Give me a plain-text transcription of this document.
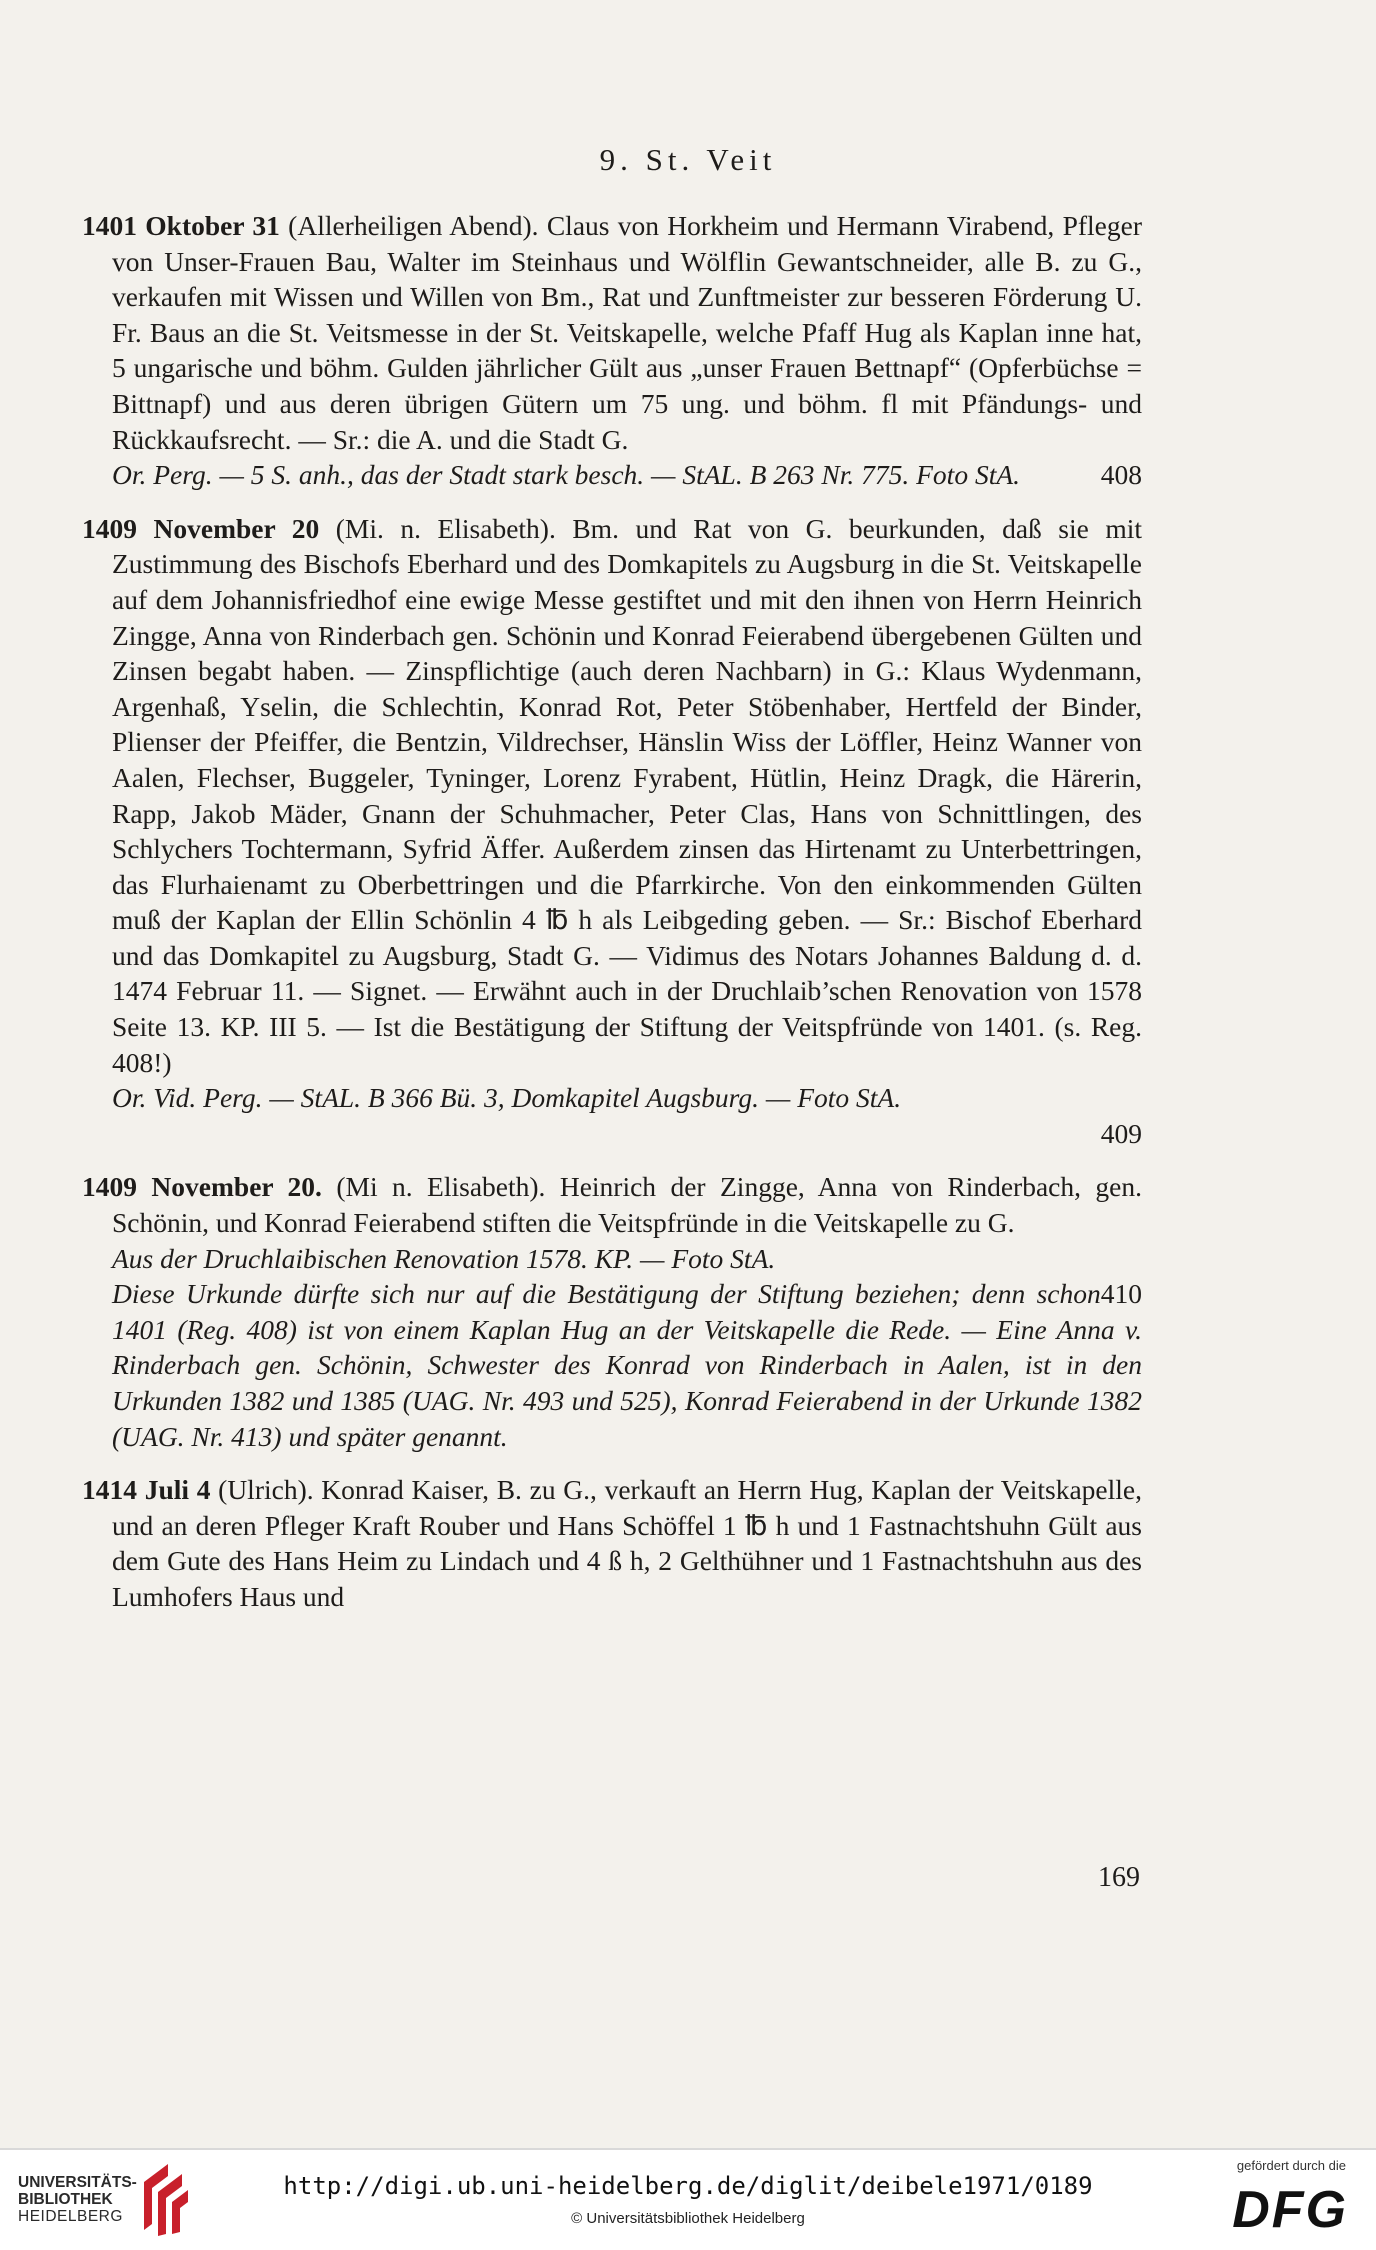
9. St. Veit

1401 Oktober 31 (Allerheiligen Abend). Claus von Horkheim und Hermann Virabend, Pfleger von Unser-Frauen Bau, Walter im Steinhaus und Wölflin Gewantschneider, alle B. zu G., verkaufen mit Wissen und Willen von Bm., Rat und Zunftmeister zur besseren Förderung U. Fr. Baus an die St. Veitsmesse in der St. Veitskapelle, welche Pfaff Hug als Kaplan inne hat, 5 ungarische und böhm. Gulden jährlicher Gült aus „unser Frauen Bettnapf“ (Opferbüchse = Bittnapf) und aus deren übrigen Gütern um 75 ung. und böhm. fl mit Pfändungs- und Rückkaufsrecht. — Sr.: die A. und die Stadt G.

408
Or. Perg. — 5 S. anh., das der Stadt stark besch. — StAL. B 263 Nr. 775. Foto StA.

1409 November 20 (Mi. n. Elisabeth). Bm. und Rat von G. beurkunden, daß sie mit Zustimmung des Bischofs Eberhard und des Domkapitels zu Augsburg in die St. Veitskapelle auf dem Johannisfriedhof eine ewige Messe gestiftet und mit den ihnen von Herrn Heinrich Zingge, Anna von Rinderbach gen. Schönin und Konrad Feierabend übergebenen Gülten und Zinsen begabt haben. — Zinspflichtige (auch deren Nachbarn) in G.: Klaus Wydenmann, Argenhaß, Yselin, die Schlechtin, Konrad Rot, Peter Stöbenhaber, Hertfeld der Binder, Plienser der Pfeiffer, die Bentzin, Vildrechser, Hänslin Wiss der Löffler, Heinz Wanner von Aalen, Flechser, Buggeler, Tyninger, Lorenz Fyrabent, Hütlin, Heinz Dragk, die Härerin, Rapp, Jakob Mäder, Gnann der Schuhmacher, Peter Clas, Hans von Schnittlingen, des Schlychers Tochtermann, Syfrid Äffer. Außerdem zinsen das Hirtenamt zu Unterbettringen, das Flurhaienamt zu Oberbettringen und die Pfarrkirche. Von den einkommenden Gülten muß der Kaplan der Ellin Schönlin 4 ℔ h als Leibgeding geben. — Sr.: Bischof Eberhard und das Domkapitel zu Augsburg, Stadt G. — Vidimus des Notars Johannes Baldung d. d. 1474 Februar 11. — Signet. — Erwähnt auch in der Druchlaib’schen Renovation von 1578 Seite 13. KP. III 5. — Ist die Bestätigung der Stiftung der Veitspfründe von 1401. (s. Reg. 408!)

Or. Vid. Perg. — StAL. B 366 Bü. 3, Domkapitel Augsburg. — Foto StA.

409

1409 November 20. (Mi n. Elisabeth). Heinrich der Zingge, Anna von Rinderbach, gen. Schönin, und Konrad Feierabend stiften die Veitspfründe in die Veitskapelle zu G.

Aus der Druchlaibischen Renovation 1578. KP. — Foto StA.

410
Diese Urkunde dürfte sich nur auf die Bestätigung der Stiftung beziehen; denn schon 1401 (Reg. 408) ist von einem Kaplan Hug an der Veitskapelle die Rede. — Eine Anna v. Rinderbach gen. Schönin, Schwester des Konrad von Rinderbach in Aalen, ist in den Urkunden 1382 und 1385 (UAG. Nr. 493 und 525), Konrad Feierabend in der Urkunde 1382 (UAG. Nr. 413) und später genannt.

1414 Juli 4 (Ulrich). Konrad Kaiser, B. zu G., verkauft an Herrn Hug, Kaplan der Veitskapelle, und an deren Pfleger Kraft Rouber und Hans Schöffel 1 ℔ h und 1 Fastnachtshuhn Gült aus dem Gute des Hans Heim zu Lindach und 4 ß h, 2 Gelthühner und 1 Fastnachtshuhn aus des Lumhofers Haus und

169
UNIVERSITÄTS-
BIBLIOTHEK
HEIDELBERG
http://digi.ub.uni-heidelberg.de/diglit/deibele1971/0189
© Universitätsbibliothek Heidelberg
gefördert durch die
DFG
